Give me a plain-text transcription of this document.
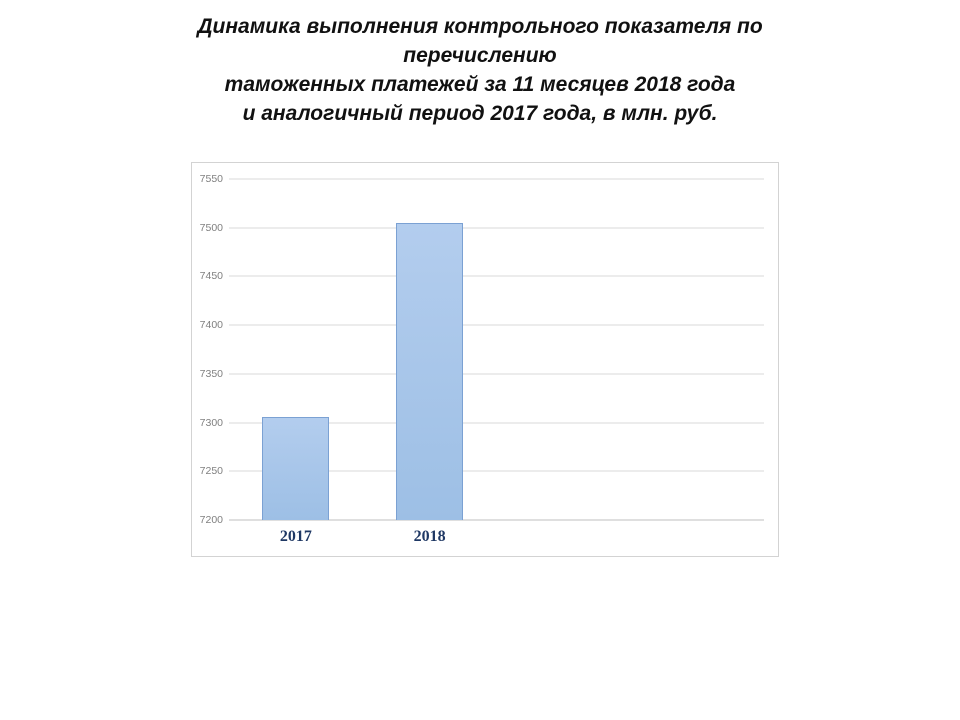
Динамика выполнения контрольного показателя по
перечислению
таможенных платежей за 11 месяцев 2018 года
и аналогичный период 2017 года, в млн. руб.
7200
7250
7300
7350
7400
7450
7500
7550
2017	2018
